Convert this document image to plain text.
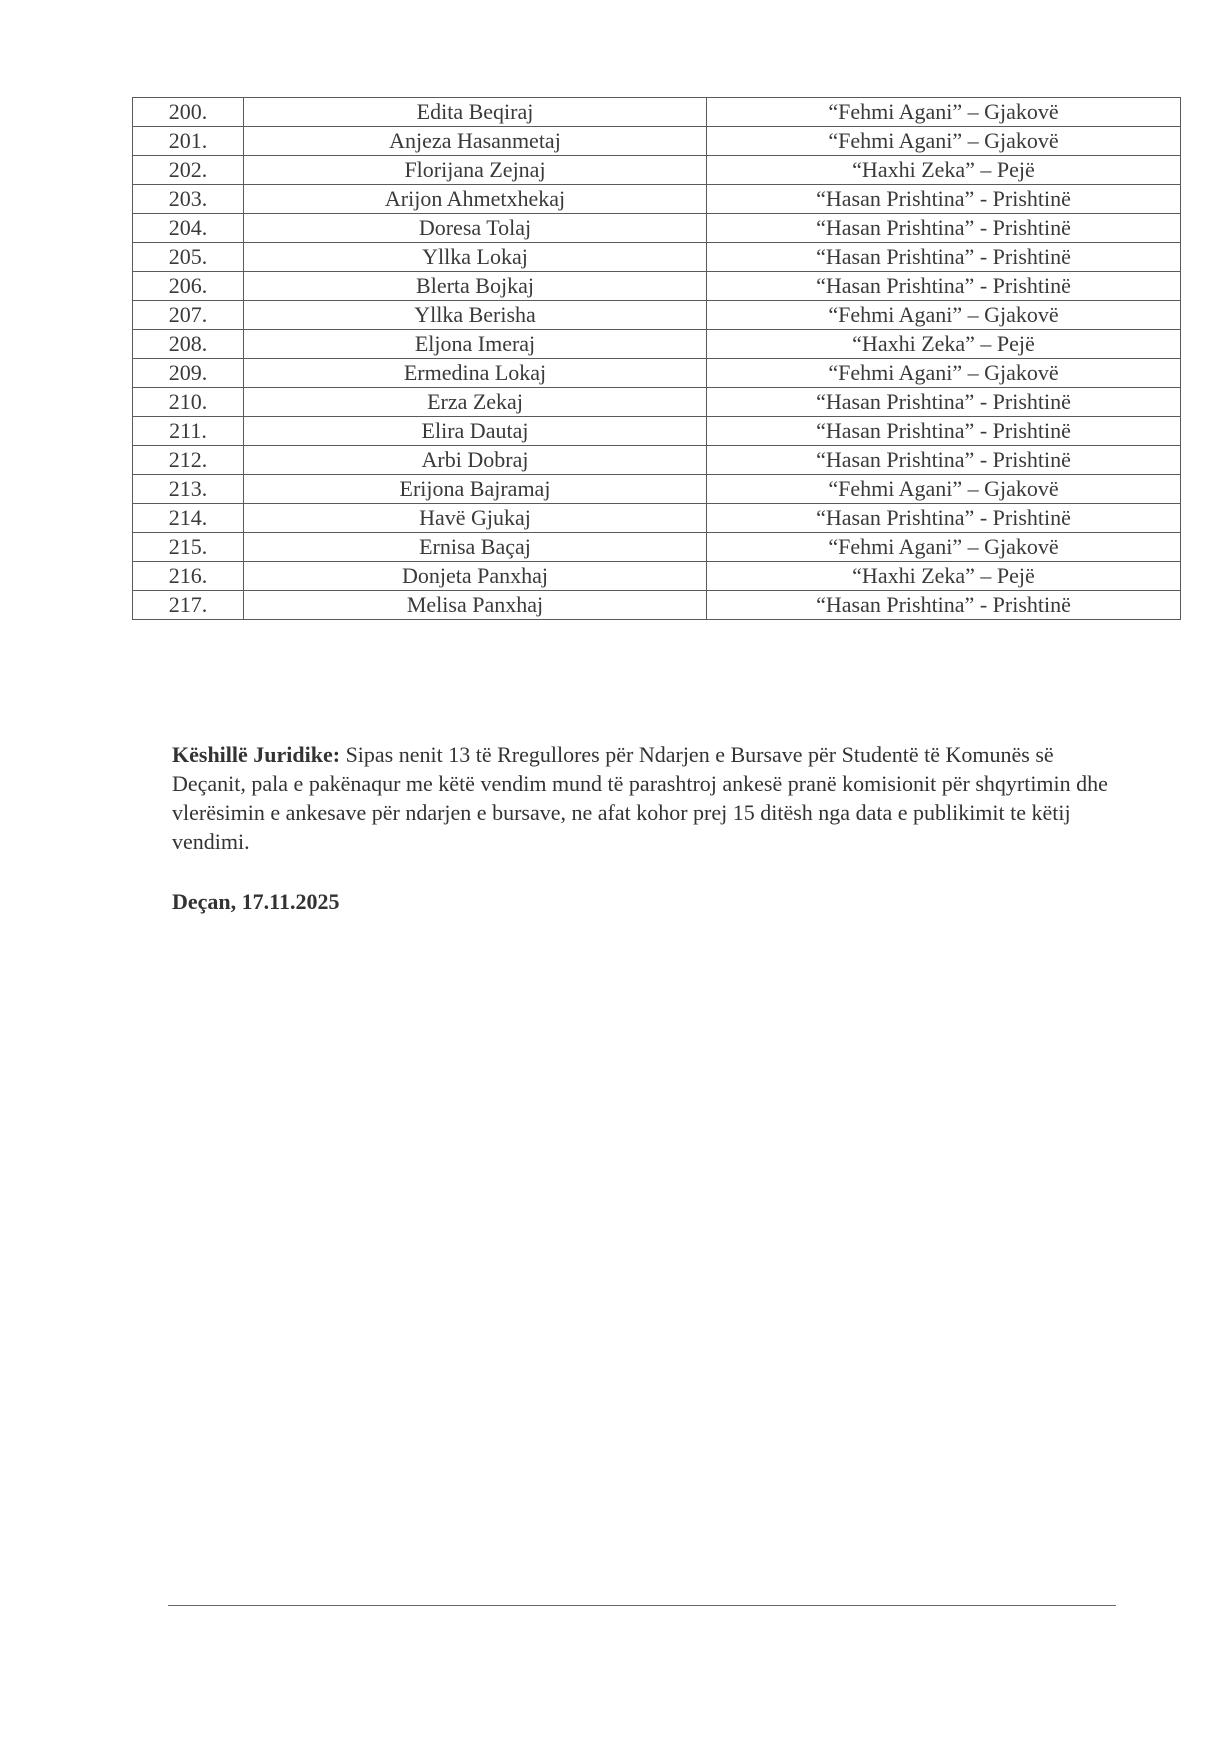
200.	Edita Beqiraj	“Fehmi Agani” – Gjakovë
201.	Anjeza Hasanmetaj	“Fehmi Agani” – Gjakovë
202.	Florijana Zejnaj	“Haxhi Zeka” – Pejë
203.	Arijon Ahmetxhekaj	“Hasan Prishtina” - Prishtinë
204.	Doresa Tolaj	“Hasan Prishtina” - Prishtinë
205.	Yllka Lokaj	“Hasan Prishtina” - Prishtinë
206.	Blerta Bojkaj	“Hasan Prishtina” - Prishtinë
207.	Yllka Berisha	“Fehmi Agani” – Gjakovë
208.	Eljona Imeraj	“Haxhi Zeka” – Pejë
209.	Ermedina Lokaj	“Fehmi Agani” – Gjakovë
210.	Erza Zekaj	“Hasan Prishtina” - Prishtinë
211.	Elira Dautaj	“Hasan Prishtina” - Prishtinë
212.	Arbi Dobraj	“Hasan Prishtina” - Prishtinë
213.	Erijona Bajramaj	“Fehmi Agani” – Gjakovë
214.	Havë Gjukaj	“Hasan Prishtina” - Prishtinë
215.	Ernisa Baçaj	“Fehmi Agani” – Gjakovë
216.	Donjeta Panxhaj	“Haxhi Zeka” – Pejë
217.	Melisa Panxhaj	“Hasan Prishtina” - Prishtinë

Këshillë Juridike: Sipas nenit 13 të Rregullores për Ndarjen e Bursave për Studentë të Komunës së Deçanit, pala e pakënaqur me këtë vendim mund të parashtroj ankesë pranë komisionit për shqyrtimin dhe vlerësimin e ankesave për ndarjen e bursave, ne afat kohor prej 15 ditësh nga data e publikimit te këtij vendimi.

Deçan, 17.11.2025
